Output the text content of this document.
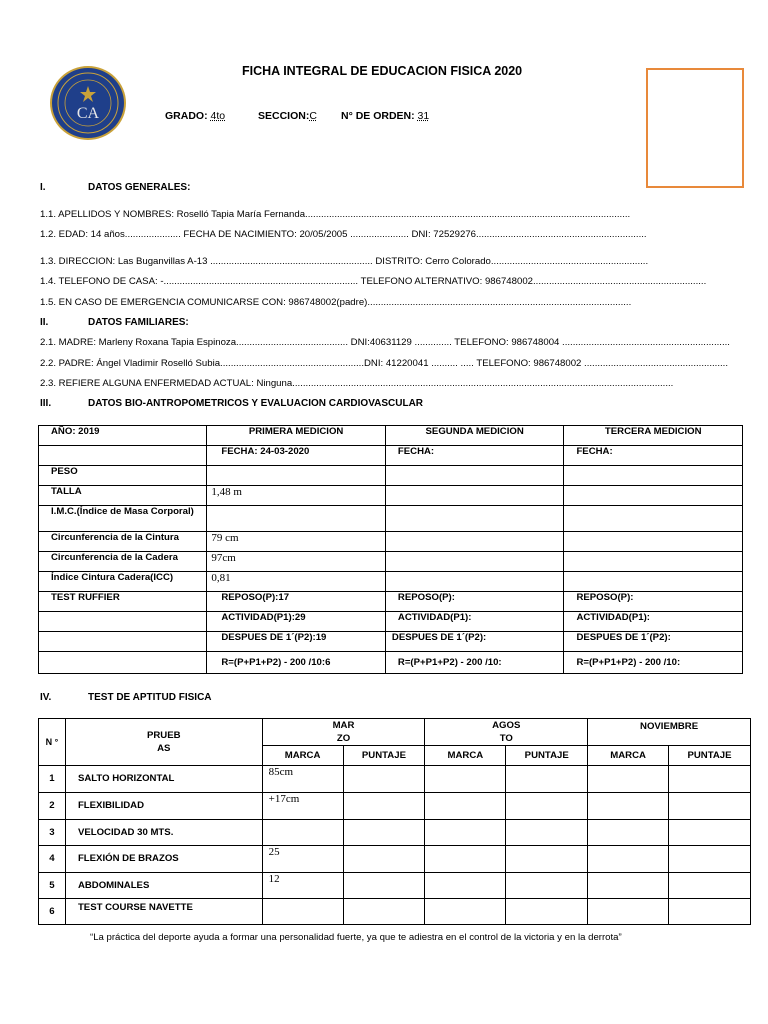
CA
FICHA INTEGRAL DE EDUCACION FISICA 2020
GRADO: 4to	SECCION:C N° DE ORDEN: 31
I.	DATOS GENERALES:
1.1. APELLIDOS Y NOMBRES: Roselló Tapia María Fernanda..........................................................................................................................
1.2. EDAD: 14 años..................... FECHA DE NACIMIENTO: 20/05/2005 ...................... DNI: 72529276................................................................
1.3. DIRECCION: Las Buganvillas A-13 ............................................................. DISTRITO: Cerro Colorado...........................................................
1.4. TELEFONO DE CASA: -......................................................................... TELEFONO ALTERNATIVO: 986748002.................................................................
1.5. EN CASO DE EMERGENCIA COMUNICARSE CON: 986748002(padre)...................................................................................................
II.	DATOS FAMILIARES:
2.1. MADRE: Marleny Roxana Tapia Espinoza.......................................... DNI:40631129 .............. TELEFONO: 986748004 ...............................................................
2.2. PADRE: Ángel Vladimir Roselló Subia......................................................DNI: 41220041 .......... ..... TELEFONO: 986748002 ......................................................
2.3. REFIERE ALGUNA ENFERMEDAD ACTUAL: Ninguna...............................................................................................................................................
III.	DATOS BIO-ANTROPOMETRICOS Y EVALUACION CARDIOVASCULAR
AÑO: 2019	PRIMERA MEDICION	SEGUNDA MEDICION	TERCERA MEDICION
	FECHA: 24-03-2020	FECHA:	FECHA:
PESO			
TALLA	1,48 m		
I.M.C.(Índice de Masa Corporal)			
Circunferencia de la Cintura	79 cm		
Circunferencia de la Cadera	97cm		
Índice Cintura Cadera(ICC)	0,81		
TEST RUFFIER	REPOSO(P):17	REPOSO(P):	REPOSO(P):
	ACTIVIDAD(P1):29	ACTIVIDAD(P1):	ACTIVIDAD(P1):
	DESPUES DE 1´(P2):19	DESPUES DE 1´(P2):	DESPUES DE 1´(P2):
	R=(P+P1+P2) - 200 /10:6	R=(P+P1+P2) - 200 /10:	R=(P+P1+P2) - 200 /10:
IV.	TEST DE APTITUD FISICA
N °	PRUEB AS	MAR ZO		AGOS TO		NOVIEMBRE	
		MARCA	PUNTAJE	MARCA	PUNTAJE	MARCA	PUNTAJE
1	SALTO HORIZONTAL	85cm					
2	FLEXIBILIDAD	+17cm					
3	VELOCIDAD 30 MTS.						
4	FLEXIÓN DE BRAZOS	25					
5	ABDOMINALES	12					
6	TEST COURSE NAVETTE						
“La práctica del deporte ayuda a formar una personalidad fuerte, ya que te adiestra en el control de la victoria y en la derrota”
